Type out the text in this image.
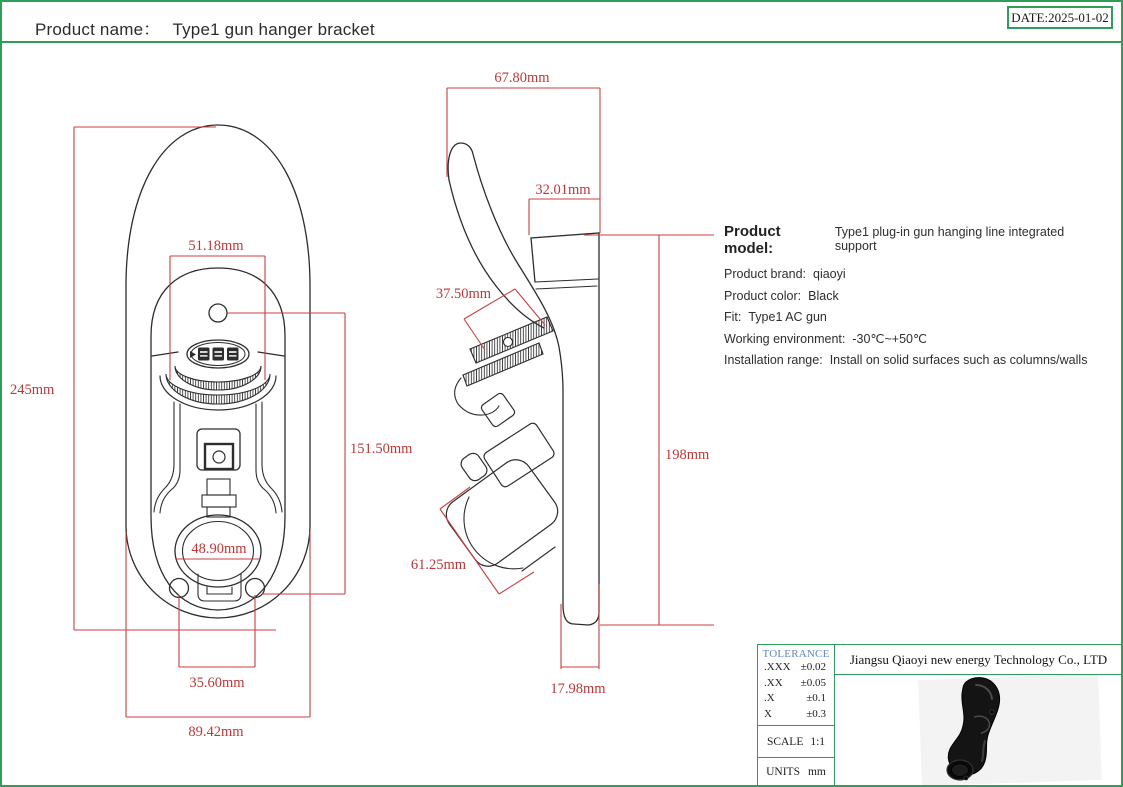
Product name： Type1 gun hanger bracket
DATE:2025-01-02
245mm
51.18mm
151.50mm
48.90mm
35.60mm
89.42mm
67.80mm
32.01mm
198mm
17.98mm
37.50mm
61.25mm
Product model:
Type1 plug-in gun hanging line integrated support
Product brand: qiaoyi
Product color: Black
Fit: Type1 AC gun
Working environment: -30℃~+50℃
Installation range: Install on solid surfaces such as columns/walls
TOLERANCE
.XXX ±0.02
.XX ±0.05
.X	±0.1
X	±0.3
SCALE 1:1
UNITS mm
Jiangsu Qiaoyi new energy Technology Co., LTD
